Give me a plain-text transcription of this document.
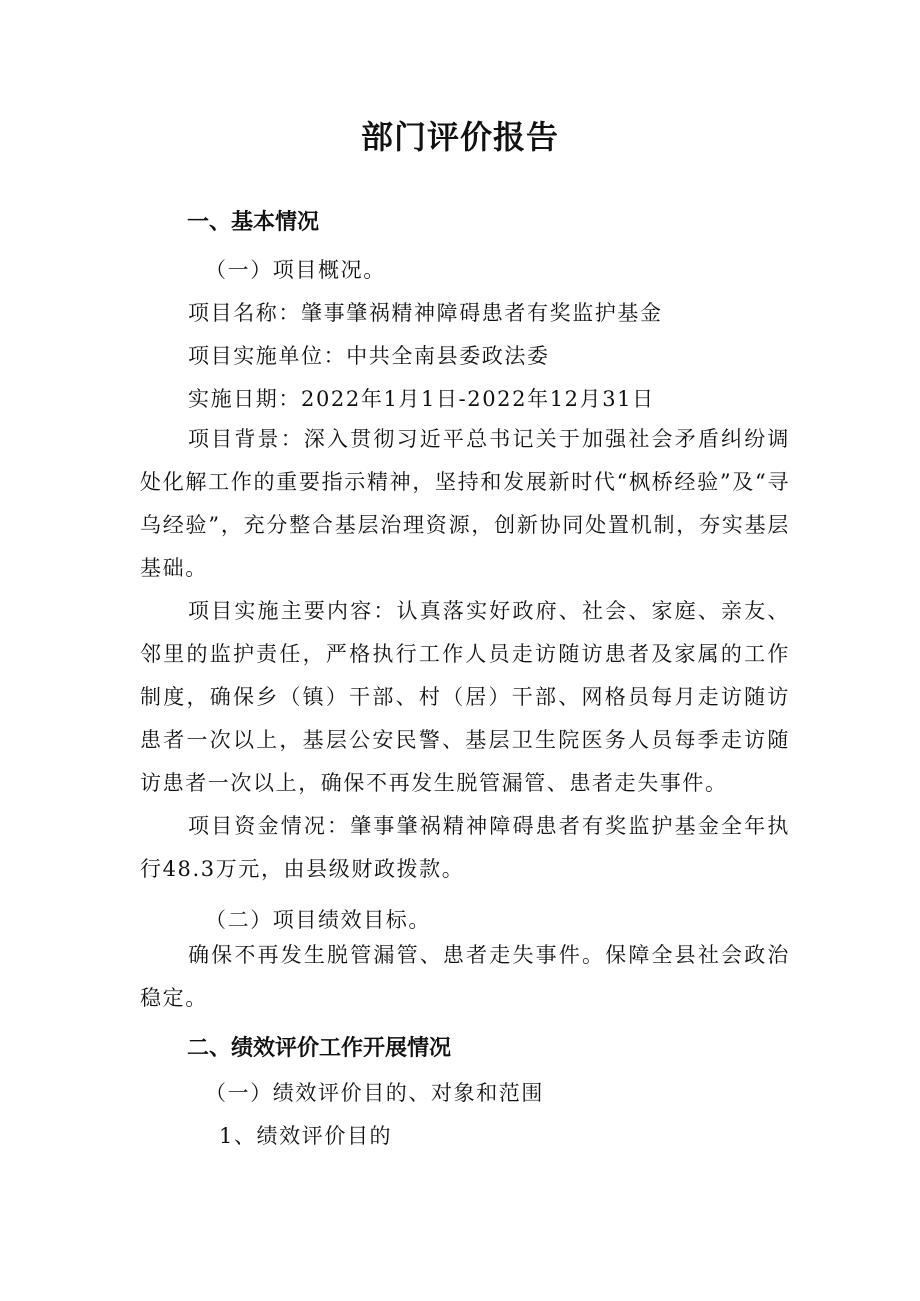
部门评价报告
一、基本情况
（一）项目概况。
项目名称：肇事肇祸精神障碍患者有奖监护基金
项目实施单位：中共全南县委政法委
实施日期：2022年1月1日-2022年12月31日
项目背景：深入贯彻习近平总书记关于加强社会矛盾纠纷调处化解工作的重要指示精神，坚持和发展新时代“枫桥经验”及“寻乌经验”，充分整合基层治理资源，创新协同处置机制，夯实基层基础。
项目实施主要内容：认真落实好政府、社会、家庭、亲友、邻里的监护责任，严格执行工作人员走访随访患者及家属的工作制度，确保乡（镇）干部、村（居）干部、网格员每月走访随访患者一次以上，基层公安民警、基层卫生院医务人员每季走访随访患者一次以上，确保不再发生脱管漏管、患者走失事件。
项目资金情况：肇事肇祸精神障碍患者有奖监护基金全年执行48.3万元，由县级财政拨款。
（二）项目绩效目标。
确保不再发生脱管漏管、患者走失事件。保障全县社会政治稳定。
二、绩效评价工作开展情况
（一）绩效评价目的、对象和范围
1、绩效评价目的
